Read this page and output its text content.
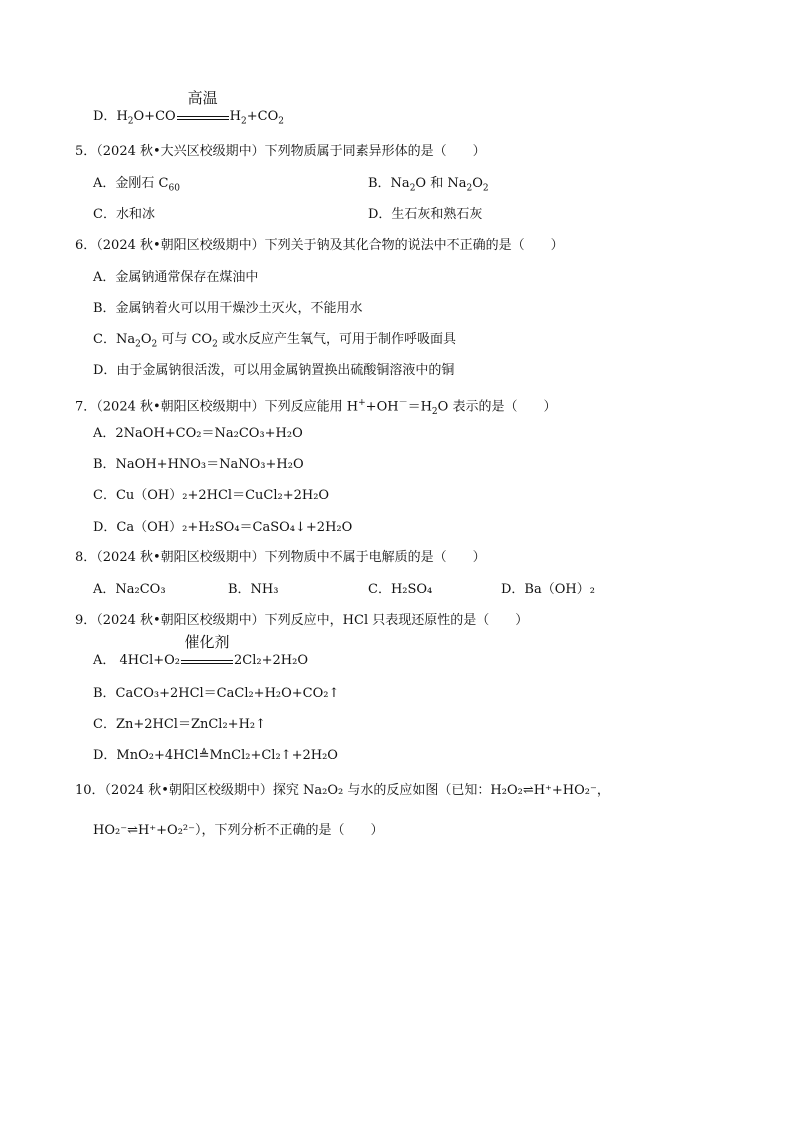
D．$H_2O+CO$
高温
$H_2+CO_2$
5．（2024 秋•大兴区校级期中）下列物质属于同素异形体的是（　　）
A．金刚石 $C_{60}$	B．$Na_2O$ 和 $Na_2O_2$
C．水和冰	D．生石灰和熟石灰
6．（2024 秋•朝阳区校级期中）下列关于钠及其化合物的说法中不正确的是（　　）
A．金属钠通常保存在煤油中
B．金属钠着火可以用干燥沙土灭火，不能用水
C．$Na_2O_2$ 可与 $CO_2$ 或水反应产生氧气，可用于制作呼吸面具
D．由于金属钠很活泼，可以用金属钠置换出硫酸铜溶液中的铜
7．（2024 秋•朝阳区校级期中）下列反应能用 $H^++OH^-=H_2O$ 表示的是（　　）
A．2NaOH+CO₂＝Na₂CO₃+H₂O
B．NaOH+HNO₃＝NaNO₃+H₂O
C．Cu（OH）₂+2HCl＝CuCl₂+2H₂O
D．Ca（OH）₂+H₂SO₄＝CaSO₄↓+2H₂O
8．（2024 秋•朝阳区校级期中）下列物质中不属于电解质的是（　　）
A．Na₂CO₃	B．NH₃	C．H₂SO₄	D．Ba（OH）₂
9．（2024 秋•朝阳区校级期中）下列反应中，HCl 只表现还原性的是（　　）
A． 4HCl+O₂
催化剂
2Cl₂+2H₂O
B．CaCO₃+2HCl＝CaCl₂+H₂O+CO₂↑
C．Zn+2HCl＝ZnCl₂+H₂↑
D．MnO₂+4HCl≜MnCl₂+Cl₂↑+2H₂O
10．（2024 秋•朝阳区校级期中）探究 Na₂O₂ 与水的反应如图（已知：H₂O₂⇌H⁺+HO₂⁻，
HO₂⁻⇌H⁺+O₂²⁻），下列分析不正确的是（　　）
